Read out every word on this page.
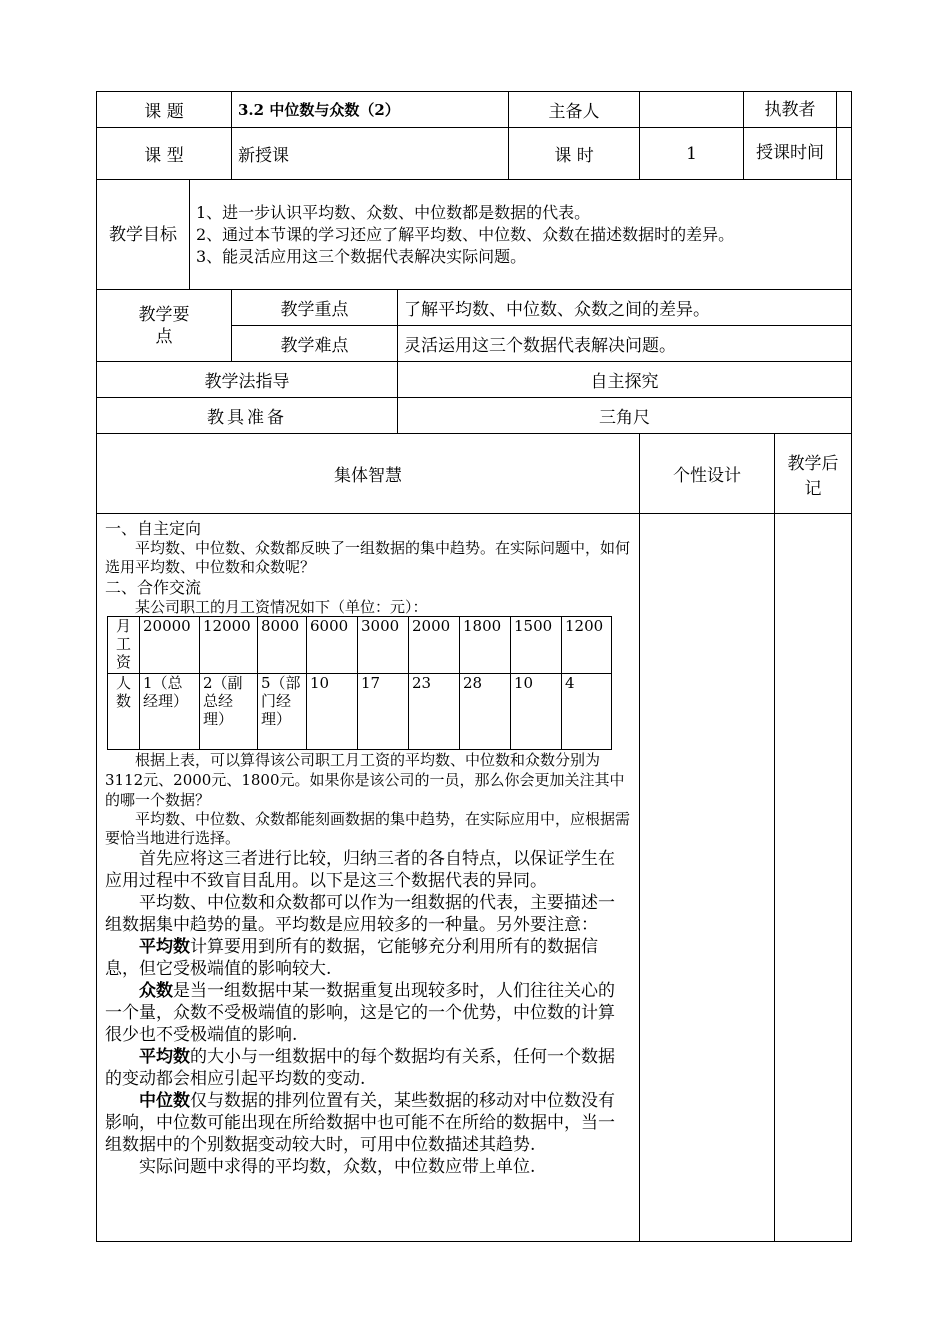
课 题	3.2 中位数与众数（2）	主备人		执教者	
课 型	新授课	课 时	1	授课时间	
教学目标	
1、进一步认识平均数、众数、中位数都是数据的代表。
2、通过本节课的学习还应了解平均数、中位数、众数在描述数据时的差异。
3、能灵活应用这三个数据代表解决实际问题。

教学要点	教学重点	了解平均数、中位数、众数之间的差异。
教学难点	灵活运用这三个数据代表解决问题。
教学法指导	自主探究
教具准备	三角尺
集体智慧	个性设计	教学后记

一、自主定向

平均数、中位数、众数都反映了一组数据的集中趋势。在实际问题中，如何选用平均数、中位数和众数呢？

二、合作交流

某公司职工的月工资情况如下（单位：元）：

月工资	20000	12000	8000	6000	3000	2000	1800	1500	1200
人数	1（总经理）	2（副总经理）	5（部门经理）	10	17	23	28	10	4

根据上表，可以算得该公司职工月工资的平均数、中位数和众数分别为3112元、2000元、1800元。如果你是该公司的一员，那么你会更加关注其中的哪一个数据？

平均数、中位数、众数都能刻画数据的集中趋势，在实际应用中，应根据需要恰当地进行选择。

首先应将这三者进行比较，归纳三者的各自特点，以保证学生在应用过程中不致盲目乱用。以下是这三个数据代表的异同。

平均数、中位数和众数都可以作为一组数据的代表，主要描述一组数据集中趋势的量。平均数是应用较多的一种量。另外要注意：

平均数计算要用到所有的数据，它能够充分利用所有的数据信息，但它受极端值的影响较大.

众数是当一组数据中某一数据重复出现较多时，人们往往关心的一个量，众数不受极端值的影响，这是它的一个优势，中位数的计算很少也不受极端值的影响.

平均数的大小与一组数据中的每个数据均有关系，任何一个数据的变动都会相应引起平均数的变动.

中位数仅与数据的排列位置有关，某些数据的移动对中位数没有影响，中位数可能出现在所给数据中也可能不在所给的数据中，当一组数据中的个别数据变动较大时，可用中位数描述其趋势.

实际问题中求得的平均数，众数，中位数应带上单位.
